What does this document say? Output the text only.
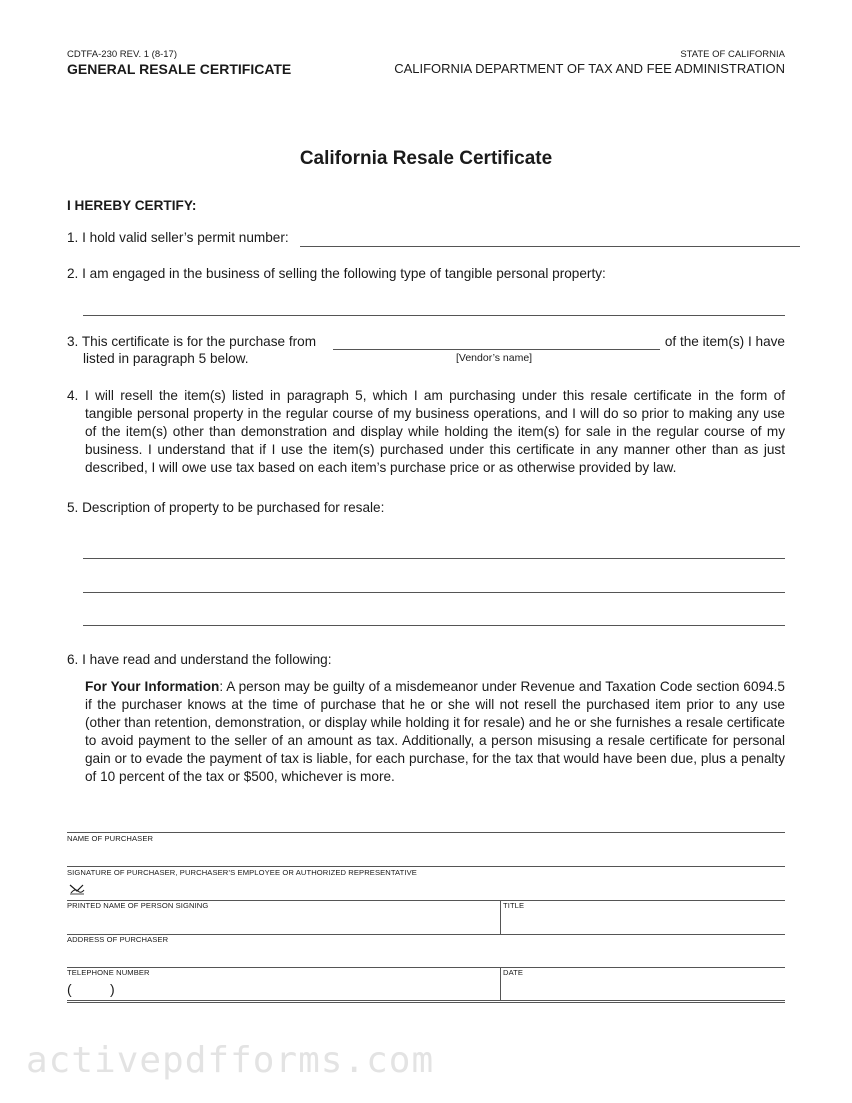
CDTFA-230 REV. 1 (8-17)
GENERAL RESALE CERTIFICATE
STATE OF CALIFORNIA
CALIFORNIA DEPARTMENT OF TAX AND FEE ADMINISTRATION
California Resale Certificate
I HEREBY CERTIFY:
1. I hold valid seller’s permit number:
2. I am engaged in the business of selling the following type of tangible personal property:
3. This certificate is for the purchase from	of the item(s) I have
listed in paragraph 5 below.	[Vendor’s name]
4. I will resell the item(s) listed in paragraph 5, which I am purchasing under this resale certificate in the form of tangible personal property in the regular course of my business operations, and I will do so prior to making any use of the item(s) other than demonstration and display while holding the item(s) for sale in the regular course of my business. I understand that if I use the item(s) purchased under this certificate in any manner other than as just described, I will owe use tax based on each item’s purchase price or as otherwise provided by law.
5. Description of property to be purchased for resale:
6. I have read and understand the following:
For Your Information: A person may be guilty of a misdemeanor under Revenue and Taxation Code section 6094.5 if the purchaser knows at the time of purchase that he or she will not resell the purchased item prior to any use (other than retention, demonstration, or display while holding it for resale) and he or she furnishes a resale certificate to avoid payment to the seller of an amount as tax. Additionally, a person misusing a resale certificate for personal gain or to evade the payment of tax is liable, for each purchase, for the tax that would have been due, plus a penalty of 10 percent of the tax or $500, whichever is more.
NAME OF PURCHASER
SIGNATURE OF PURCHASER, PURCHASER’S EMPLOYEE OR AUTHORIZED REPRESENTATIVE
PRINTED NAME OF PERSON SIGNING	TITLE
ADDRESS OF PURCHASER
TELEPHONE NUMBER	DATE
(	)
activepdfforms.com
